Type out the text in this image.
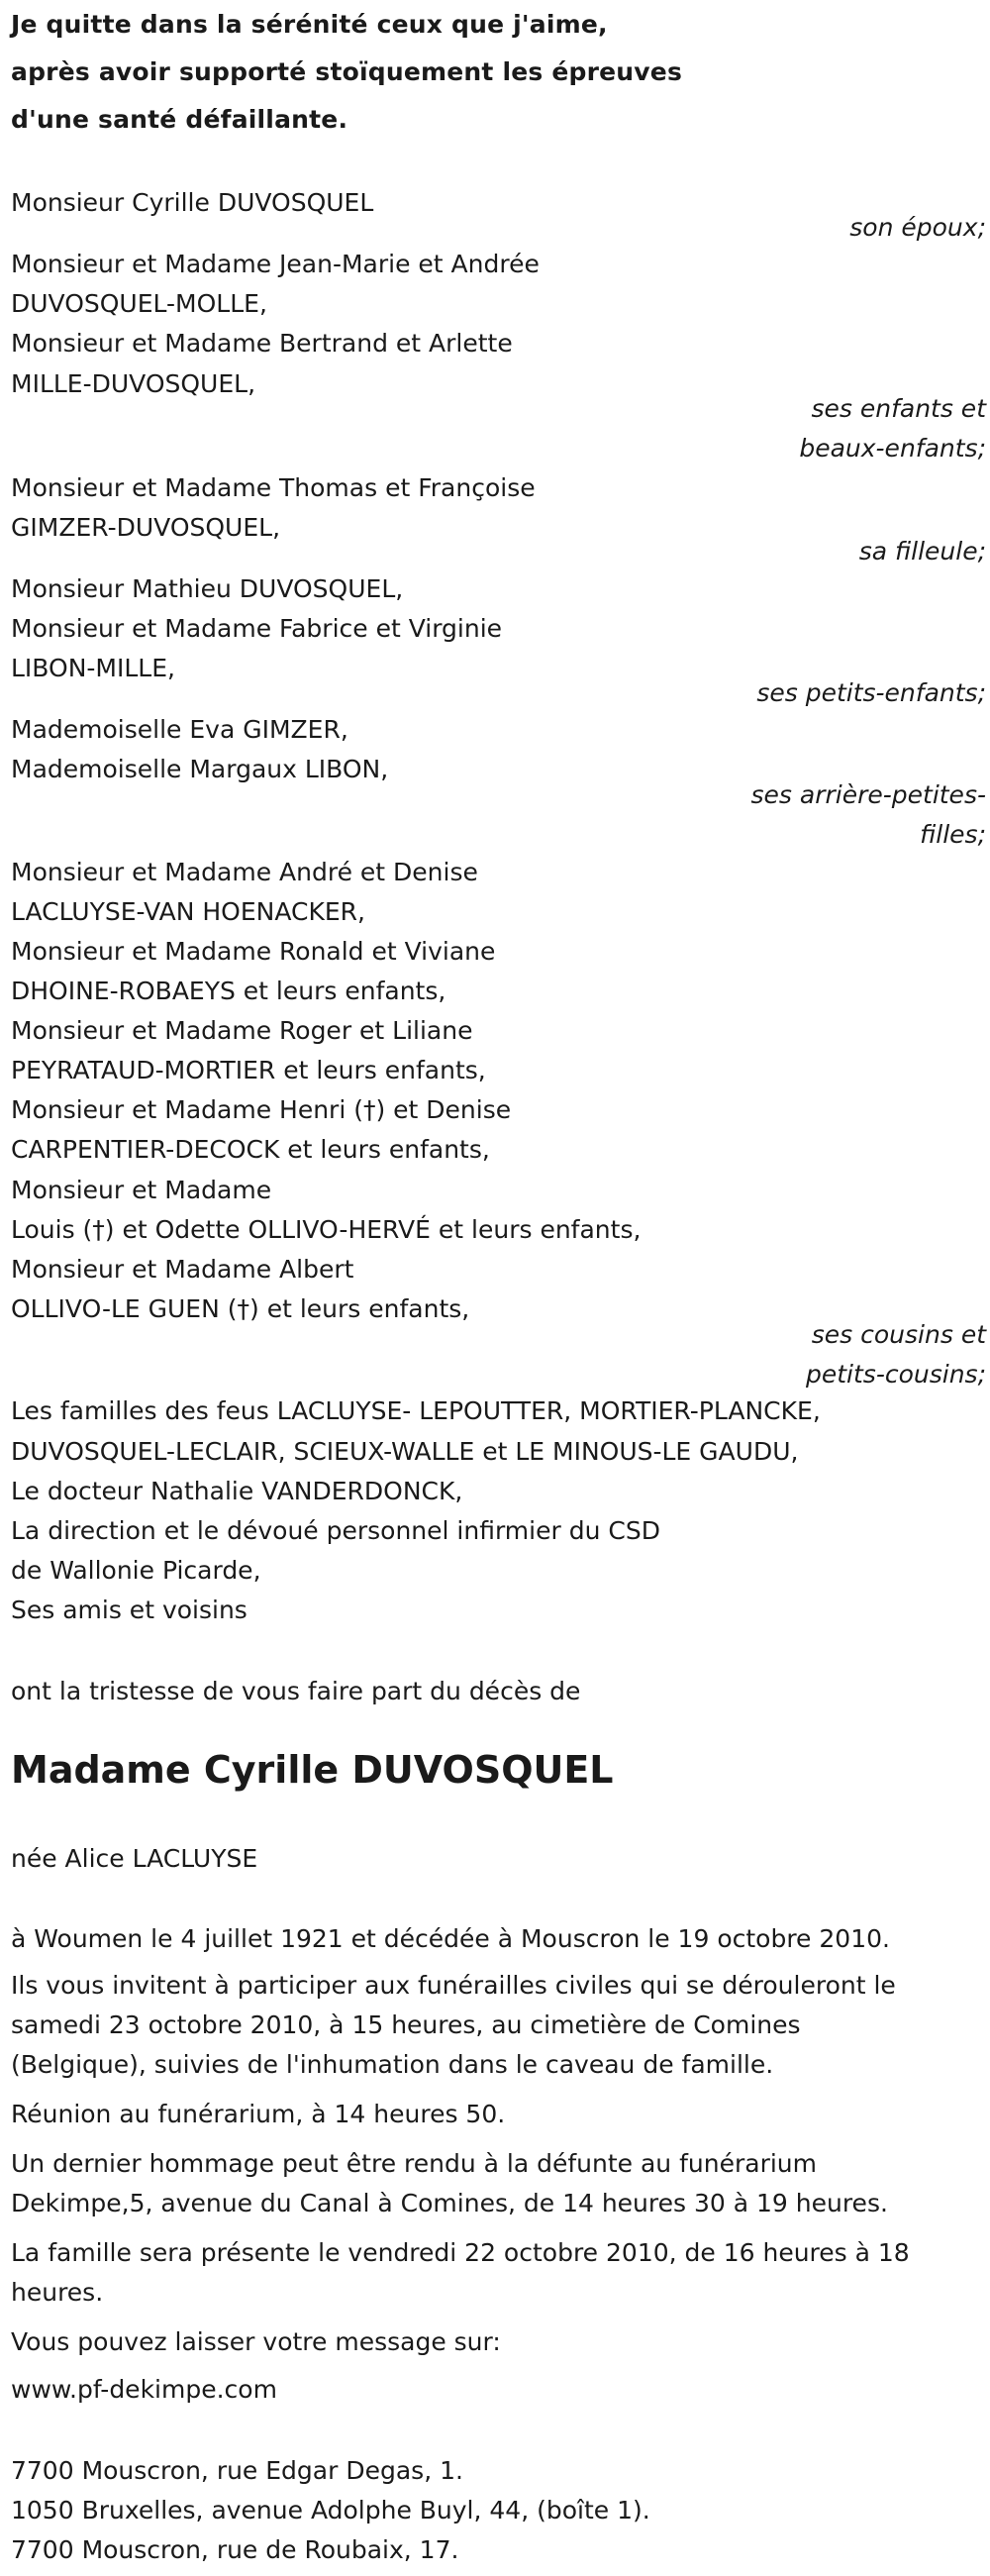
Je quitte dans la sérénité ceux que j'aime,

après avoir supporté stoïquement les épreuves

d'une santé défaillante.

Monsieur Cyrille DUVOSQUEL

son époux;

Monsieur et Madame Jean-Marie et Andrée

DUVOSQUEL-MOLLE,

Monsieur et Madame Bertrand et Arlette

MILLE-DUVOSQUEL,

ses enfants et

beaux-enfants;

Monsieur et Madame Thomas et Françoise

GIMZER-DUVOSQUEL,

sa filleule;

Monsieur Mathieu DUVOSQUEL,

Monsieur et Madame Fabrice et Virginie

LIBON-MILLE,

ses petits-enfants;

Mademoiselle Eva GIMZER,

Mademoiselle Margaux LIBON,

ses arrière-petites-

filles;

Monsieur et Madame André et Denise

LACLUYSE-VAN HOENACKER,

Monsieur et Madame Ronald et Viviane

DHOINE-ROBAEYS et leurs enfants,

Monsieur et Madame Roger et Liliane

PEYRATAUD-MORTIER et leurs enfants,

Monsieur et Madame Henri (†) et Denise

CARPENTIER-DECOCK et leurs enfants,

Monsieur et Madame

Louis (†) et Odette OLLIVO-HERVÉ et leurs enfants,

Monsieur et Madame Albert

OLLIVO-LE GUEN (†) et leurs enfants,

ses cousins et

petits-cousins;

Les familles des feus LACLUYSE- LEPOUTTER, MORTIER-PLANCKE,

DUVOSQUEL-LECLAIR, SCIEUX-WALLE et LE MINOUS-LE GAUDU,

Le docteur Nathalie VANDERDONCK,

La direction et le dévoué personnel infirmier du CSD

de Wallonie Picarde,

Ses amis et voisins

ont la tristesse de vous faire part du décès de

Madame Cyrille DUVOSQUEL

née Alice LACLUYSE

à Woumen le 4 juillet 1921 et décédée à Mouscron le 19 octobre 2010.

Ils vous invitent à participer aux funérailles civiles qui se dérouleront le

samedi 23 octobre 2010, à 15 heures, au cimetière de Comines

(Belgique), suivies de l'inhumation dans le caveau de famille.

Réunion au funérarium, à 14 heures 50.

Un dernier hommage peut être rendu à la défunte au funérarium

Dekimpe,5, avenue du Canal à Comines, de 14 heures 30 à 19 heures.

La famille sera présente le vendredi 22 octobre 2010, de 16 heures à 18

heures.

Vous pouvez laisser votre message sur:

www.pf-dekimpe.com

7700 Mouscron, rue Edgar Degas, 1.

1050 Bruxelles, avenue Adolphe Buyl, 44, (boîte 1).

7700 Mouscron, rue de Roubaix, 17.
